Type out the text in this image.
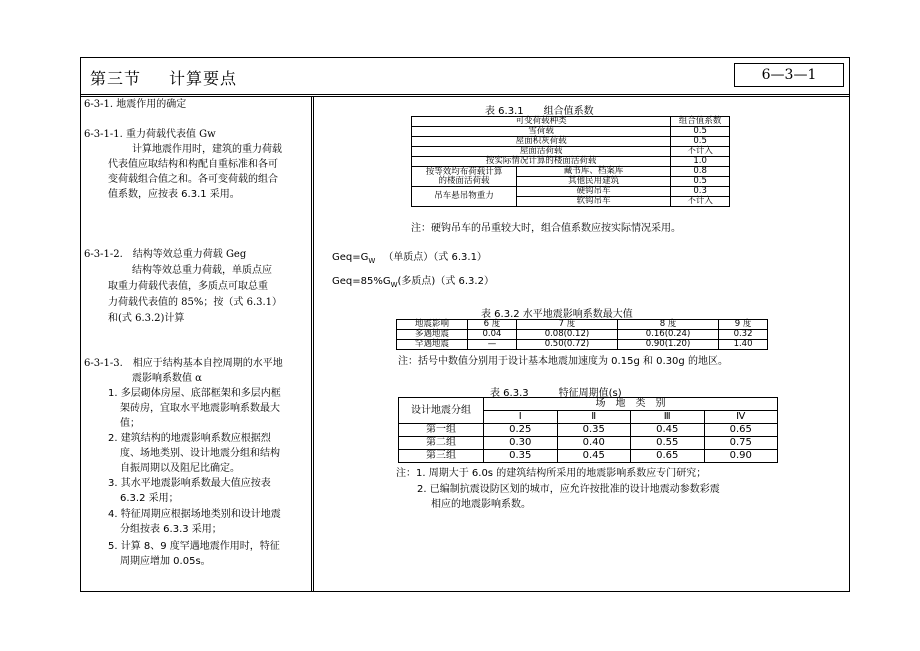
第三节 计算要点	6—3—1
6-3-1. 地震作用的确定
6-3-1-1. 重力荷载代表值 Gw
计算地震作用时，建筑的重力荷载
代表值应取结构和构配自重标准和各可
变荷载组合值之和。各可变荷载的组合
值系数，应按表 6.3.1 采用。
6-3-1-2.　结构等效总重力荷载 Geg
结构等效总重力荷载，单质点应
取重力荷载代表值，多质点可取总重
力荷载代表值的 85%；按（式 6.3.1）
和(式 6.3.2)计算
6-3-1-3.　相应于结构基本自控周期的水平地
震影响系数值 α
1. 多层砌体房屋、底部框架和多层内框
架砖房，宜取水平地震影响系数最大
值；
2. 建筑结构的地震影响系数应根据烈
度、场地类别、设计地震分组和结构
自振周期以及阻尼比确定。
3. 其水平地震影响系数最大值应按表
6.3.2 采用；
4. 特征周期应根据场地类别和设计地震
分组按表 6.3.3 采用；
5. 计算 8、9 度罕遇地震作用时，特征
周期应增加 0.05s。
表 6.3.1　　组合值系数
可变荷载种类		组合值系数
雪荷载		0.5
屋面积灰荷载		0.5
屋面活荷载		不计入
按实际情况计算的楼面活荷载		1.0
按等效均布荷载计算
的楼面活荷载	藏书库、档案库	0.8
	其他民用建筑	0.5
吊车悬吊物重力	硬钩吊车	0.3
	软钩吊车	不计入
注：硬钩吊车的吊重较大时，组合值系数应按实际情况采用。
$Geq=G_W$ （单质点）（式 6.3.1）
$Geq=85\%G_W$(多质点)（式 6.3.2）
表 6.3.2 水平地震影响系数最大值
地震影响	6 度	7 度	8 度	9 度
多遇地震	0.04	0.08(0.12)	0.16(0.24)	0.32
罕遇地震	—	0.50(0.72)	0.90(1.20)	1.40
注：括号中数值分别用于设计基本地震加速度为 0.15g 和 0.30g 的地区。
表 6.3.3　　　特征周期值(s)
设计地震分组	场　地　类　别			
	Ⅰ	Ⅱ	Ⅲ	Ⅳ
第一组	0.25	0.35	0.45	0.65
第二组	0.30	0.40	0.55	0.75
第三组	0.35	0.45	0.65	0.90
注：1. 周期大于 6.0s 的建筑结构所采用的地震影响系数应专门研究；
2. 已编制抗震设防区划的城市，应允许按批准的设计地震动参数彩震
相应的地震影响系数。
